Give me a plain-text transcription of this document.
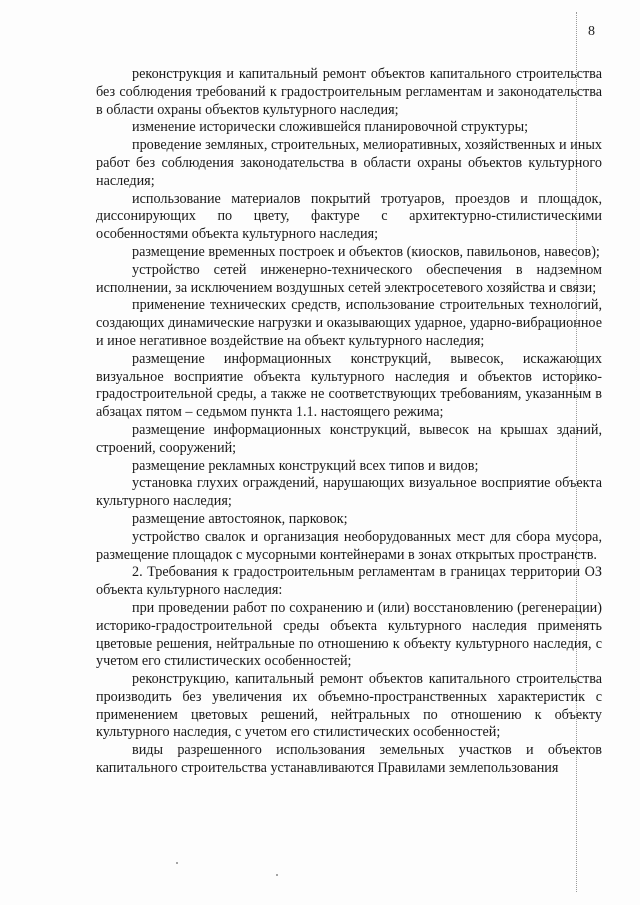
8

реконструкция и капитальный ремонт объектов капитального строительства без соблюдения требований к градостроительным регламентам и законодательства в области охраны объектов культурного наследия;

изменение исторически сложившейся планировочной структуры;

проведение земляных, строительных, мелиоративных, хозяйственных и иных работ без соблюдения законодательства в области охраны объектов культурного наследия;

использование материалов покрытий тротуаров, проездов и площадок, диссонирующих по цвету, фактуре с архитектурно-стилистическими особенностями объекта культурного наследия;

размещение временных построек и объектов (киосков, павильонов, навесов);

устройство сетей инженерно-технического обеспечения в надземном исполнении, за исключением воздушных сетей электросетевого хозяйства и связи;

применение технических средств, использование строительных технологий, создающих динамические нагрузки и оказывающих ударное, ударно-вибрационное и иное негативное воздействие на объект культурного наследия;

размещение информационных конструкций, вывесок, искажающих визуальное восприятие объекта культурного наследия и объектов историко-градостроительной среды, а также не соответствующих требованиям, указанным в абзацах пятом – седьмом пункта 1.1. настоящего режима;

размещение информационных конструкций, вывесок на крышах зданий, строений, сооружений;

размещение рекламных конструкций всех типов и видов;

установка глухих ограждений, нарушающих визуальное восприятие объекта культурного наследия;

размещение автостоянок, парковок;

устройство свалок и организация необорудованных мест для сбора мусора, размещение площадок с мусорными контейнерами в зонах открытых пространств.

2. Требования к градостроительным регламентам в границах территории ОЗ объекта культурного наследия:

при проведении работ по сохранению и (или) восстановлению (регенерации) историко-градостроительной среды объекта культурного наследия применять цветовые решения, нейтральные по отношению к объекту культурного наследия, с учетом его стилистических особенностей;

реконструкцию, капитальный ремонт объектов капитального строительства производить без увеличения их объемно-пространственных характеристик с применением цветовых решений, нейтральных по отношению к объекту культурного наследия, с учетом его стилистических особенностей;

виды разрешенного использования земельных участков и объектов капитального строительства устанавливаются Правилами землепользования
